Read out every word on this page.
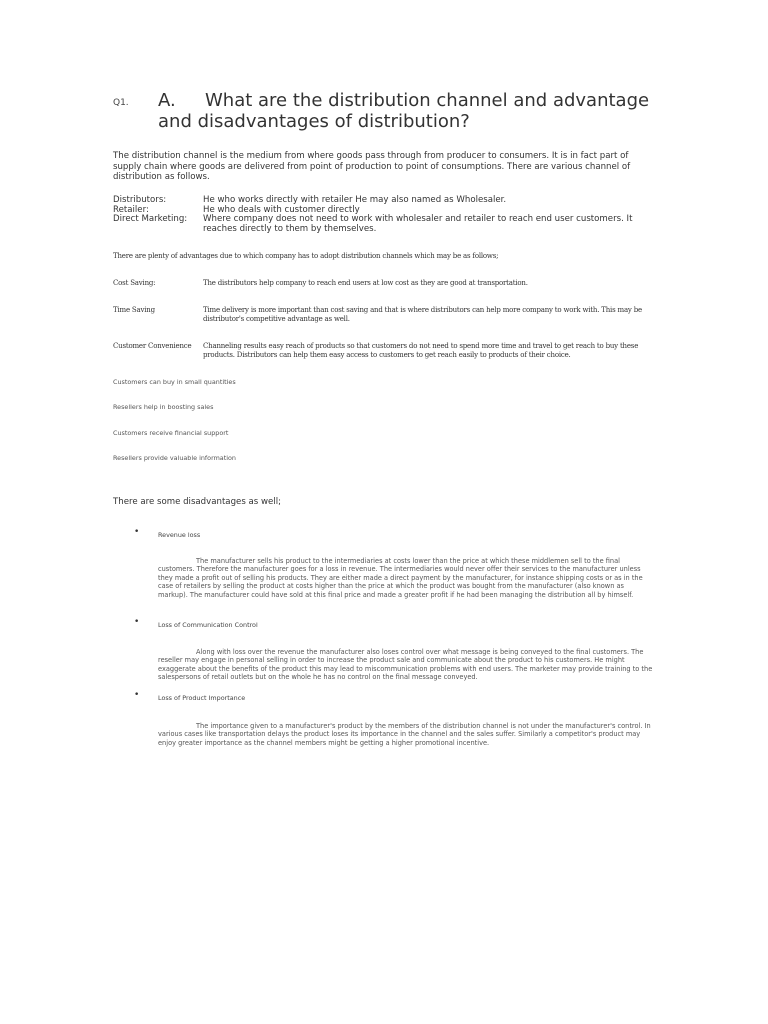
Q1. A. What are the distribution channel and advantage
and disadvantages of distribution?
The distribution channel is the medium from where goods pass through from producer to consumers. It is in fact part of supply chain where goods are delivered from point of production to point of consumptions. There are various channel of distribution as follows.
Distributors:	He who works directly with retailer He may also named as Wholesaler.
Retailer:	He who deals with customer directly
Direct Marketing:	Where company does not need to work with wholesaler and retailer to reach end user customers. It reaches directly to them by themselves.
There are plenty of advantages due to which company has to adopt distribution channels which may be as follows;
Cost Saving:	The distributors help company to reach end users at low cost as they are good at transportation.
Time Saving	Time delivery is more important than cost saving and that is where distributors can help more company to work with. This may be distributor's competitive advantage as well.
Customer Convenience	Channeling results easy reach of products so that customers do not need to spend more time and travel to get reach to buy these products. Distributors can help them easy access to customers to get reach easily to products of their choice.
Customers can buy in small quantities
Resellers help in boosting sales
Customers receive financial support
Resellers provide valuable information
There are some disadvantages as well;
•	Revenue loss
The manufacturer sells his product to the intermediaries at costs lower than the price at which these middlemen sell to the final customers. Therefore the manufacturer goes for a loss in revenue. The intermediaries would never offer their services to the manufacturer unless they made a profit out of selling his products. They are either made a direct payment by the manufacturer, for instance shipping costs or as in the case of retailers by selling the product at costs higher than the price at which the product was bought from the manufacturer (also known as markup). The manufacturer could have sold at this final price and made a greater profit if he had been managing the distribution all by himself.
•	Loss of Communication Control
Along with loss over the revenue the manufacturer also loses control over what message is being conveyed to the final customers. The reseller may engage in personal selling in order to increase the product sale and communicate about the product to his customers. He might exaggerate about the benefits of the product this may lead to miscommunication problems with end users. The marketer may provide training to the salespersons of retail outlets but on the whole he has no control on the final message conveyed.
•	Loss of Product Importance
The importance given to a manufacturer's product by the members of the distribution channel is not under the manufacturer's control. In various cases like transportation delays the product loses its importance in the channel and the sales suffer. Similarly a competitor's product may enjoy greater importance as the channel members might be getting a higher promotional incentive.
